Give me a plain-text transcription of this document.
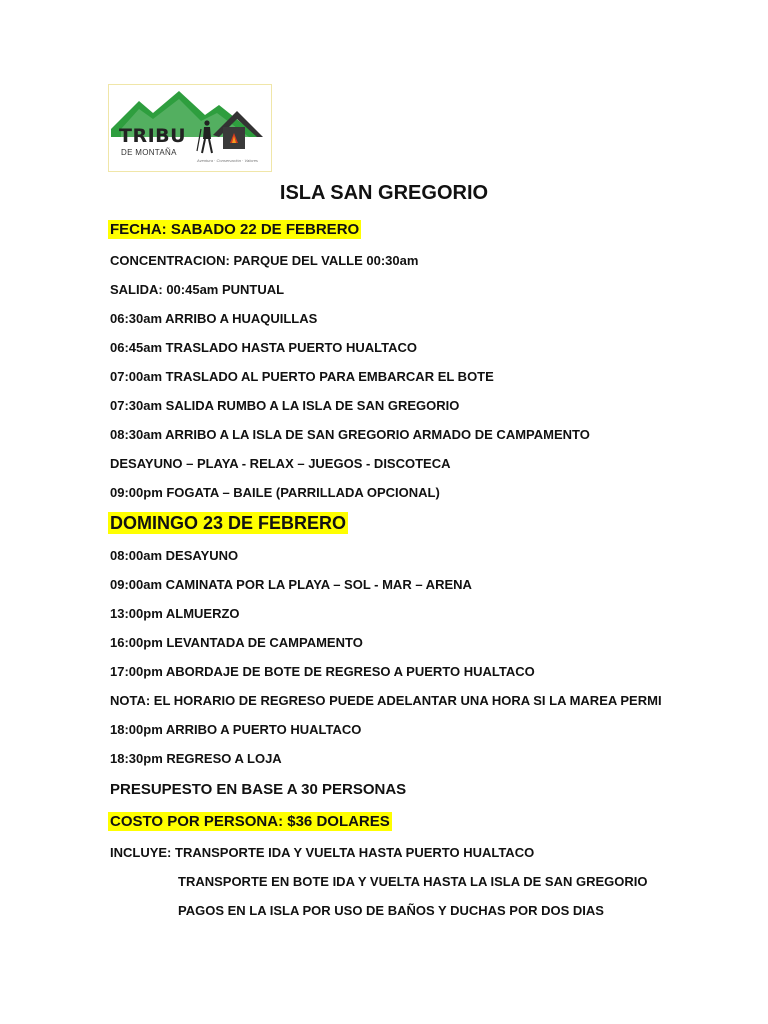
TRIBU
DE MONTAÑA
Aventura · Conservación · Valores
ISLA SAN GREGORIO
FECHA: SABADO 22 DE FEBRERO
CONCENTRACION: PARQUE DEL VALLE 00:30am
SALIDA: 00:45am PUNTUAL
06:30am ARRIBO A HUAQUILLAS
06:45am TRASLADO HASTA PUERTO HUALTACO
07:00am TRASLADO AL PUERTO PARA EMBARCAR EL BOTE
07:30am SALIDA RUMBO A LA ISLA DE SAN GREGORIO
08:30am ARRIBO A LA ISLA DE SAN GREGORIO ARMADO DE CAMPAMENTO
DESAYUNO – PLAYA - RELAX – JUEGOS - DISCOTECA
09:00pm FOGATA – BAILE (PARRILLADA OPCIONAL)
DOMINGO 23 DE FEBRERO
08:00am DESAYUNO
09:00am CAMINATA POR LA PLAYA – SOL - MAR – ARENA
13:00pm ALMUERZO
16:00pm LEVANTADA DE CAMPAMENTO
17:00pm ABORDAJE DE BOTE DE REGRESO A PUERTO HUALTACO
NOTA: EL HORARIO DE REGRESO PUEDE ADELANTAR UNA HORA SI LA MAREA PERMI
18:00pm ARRIBO A PUERTO HUALTACO
18:30pm REGRESO A LOJA
PRESUPESTO EN BASE A 30 PERSONAS
COSTO POR PERSONA: $36 DOLARES
INCLUYE: TRANSPORTE IDA Y VUELTA HASTA PUERTO HUALTACO
TRANSPORTE EN BOTE IDA Y VUELTA HASTA LA ISLA DE SAN GREGORIO
PAGOS EN LA ISLA POR USO DE BAÑOS Y DUCHAS POR DOS DIAS
